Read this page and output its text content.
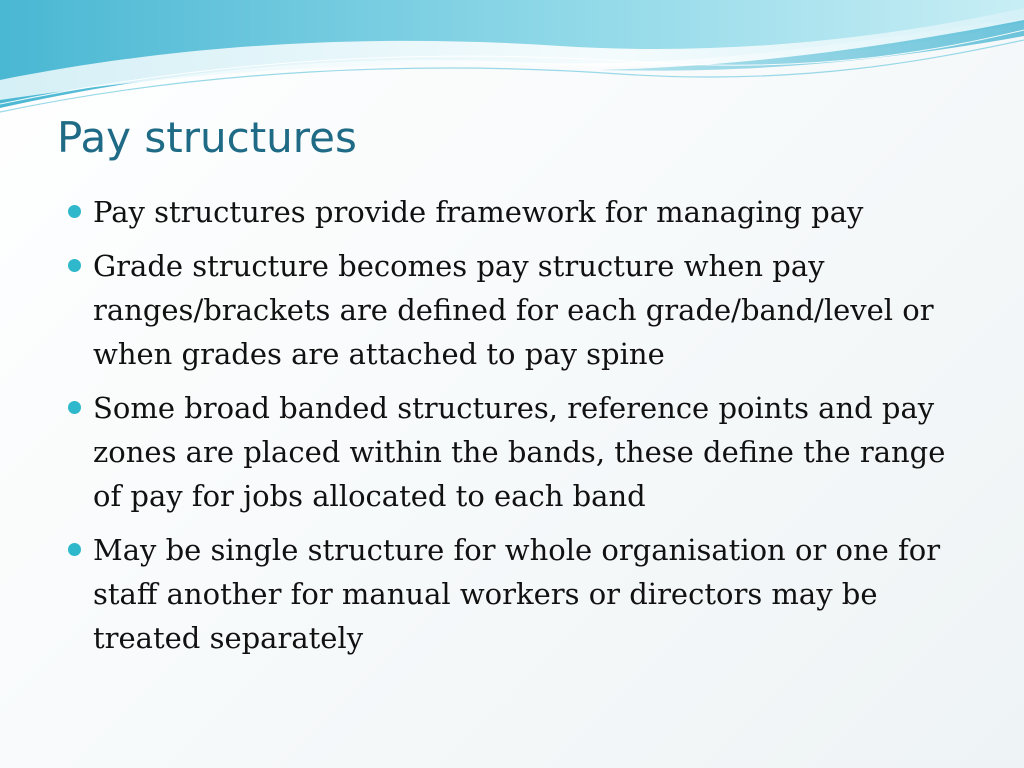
Pay structures
Pay structures provide framework for managing pay
Grade structure becomes pay structure when pay ranges/brackets are defined for each grade/band/level or when grades are attached to pay spine
Some broad banded structures, reference points and pay zones are placed within the bands, these define the range of pay for jobs allocated to each band
May be single structure for whole organisation or one for staff another for manual workers or directors may be treated separately
